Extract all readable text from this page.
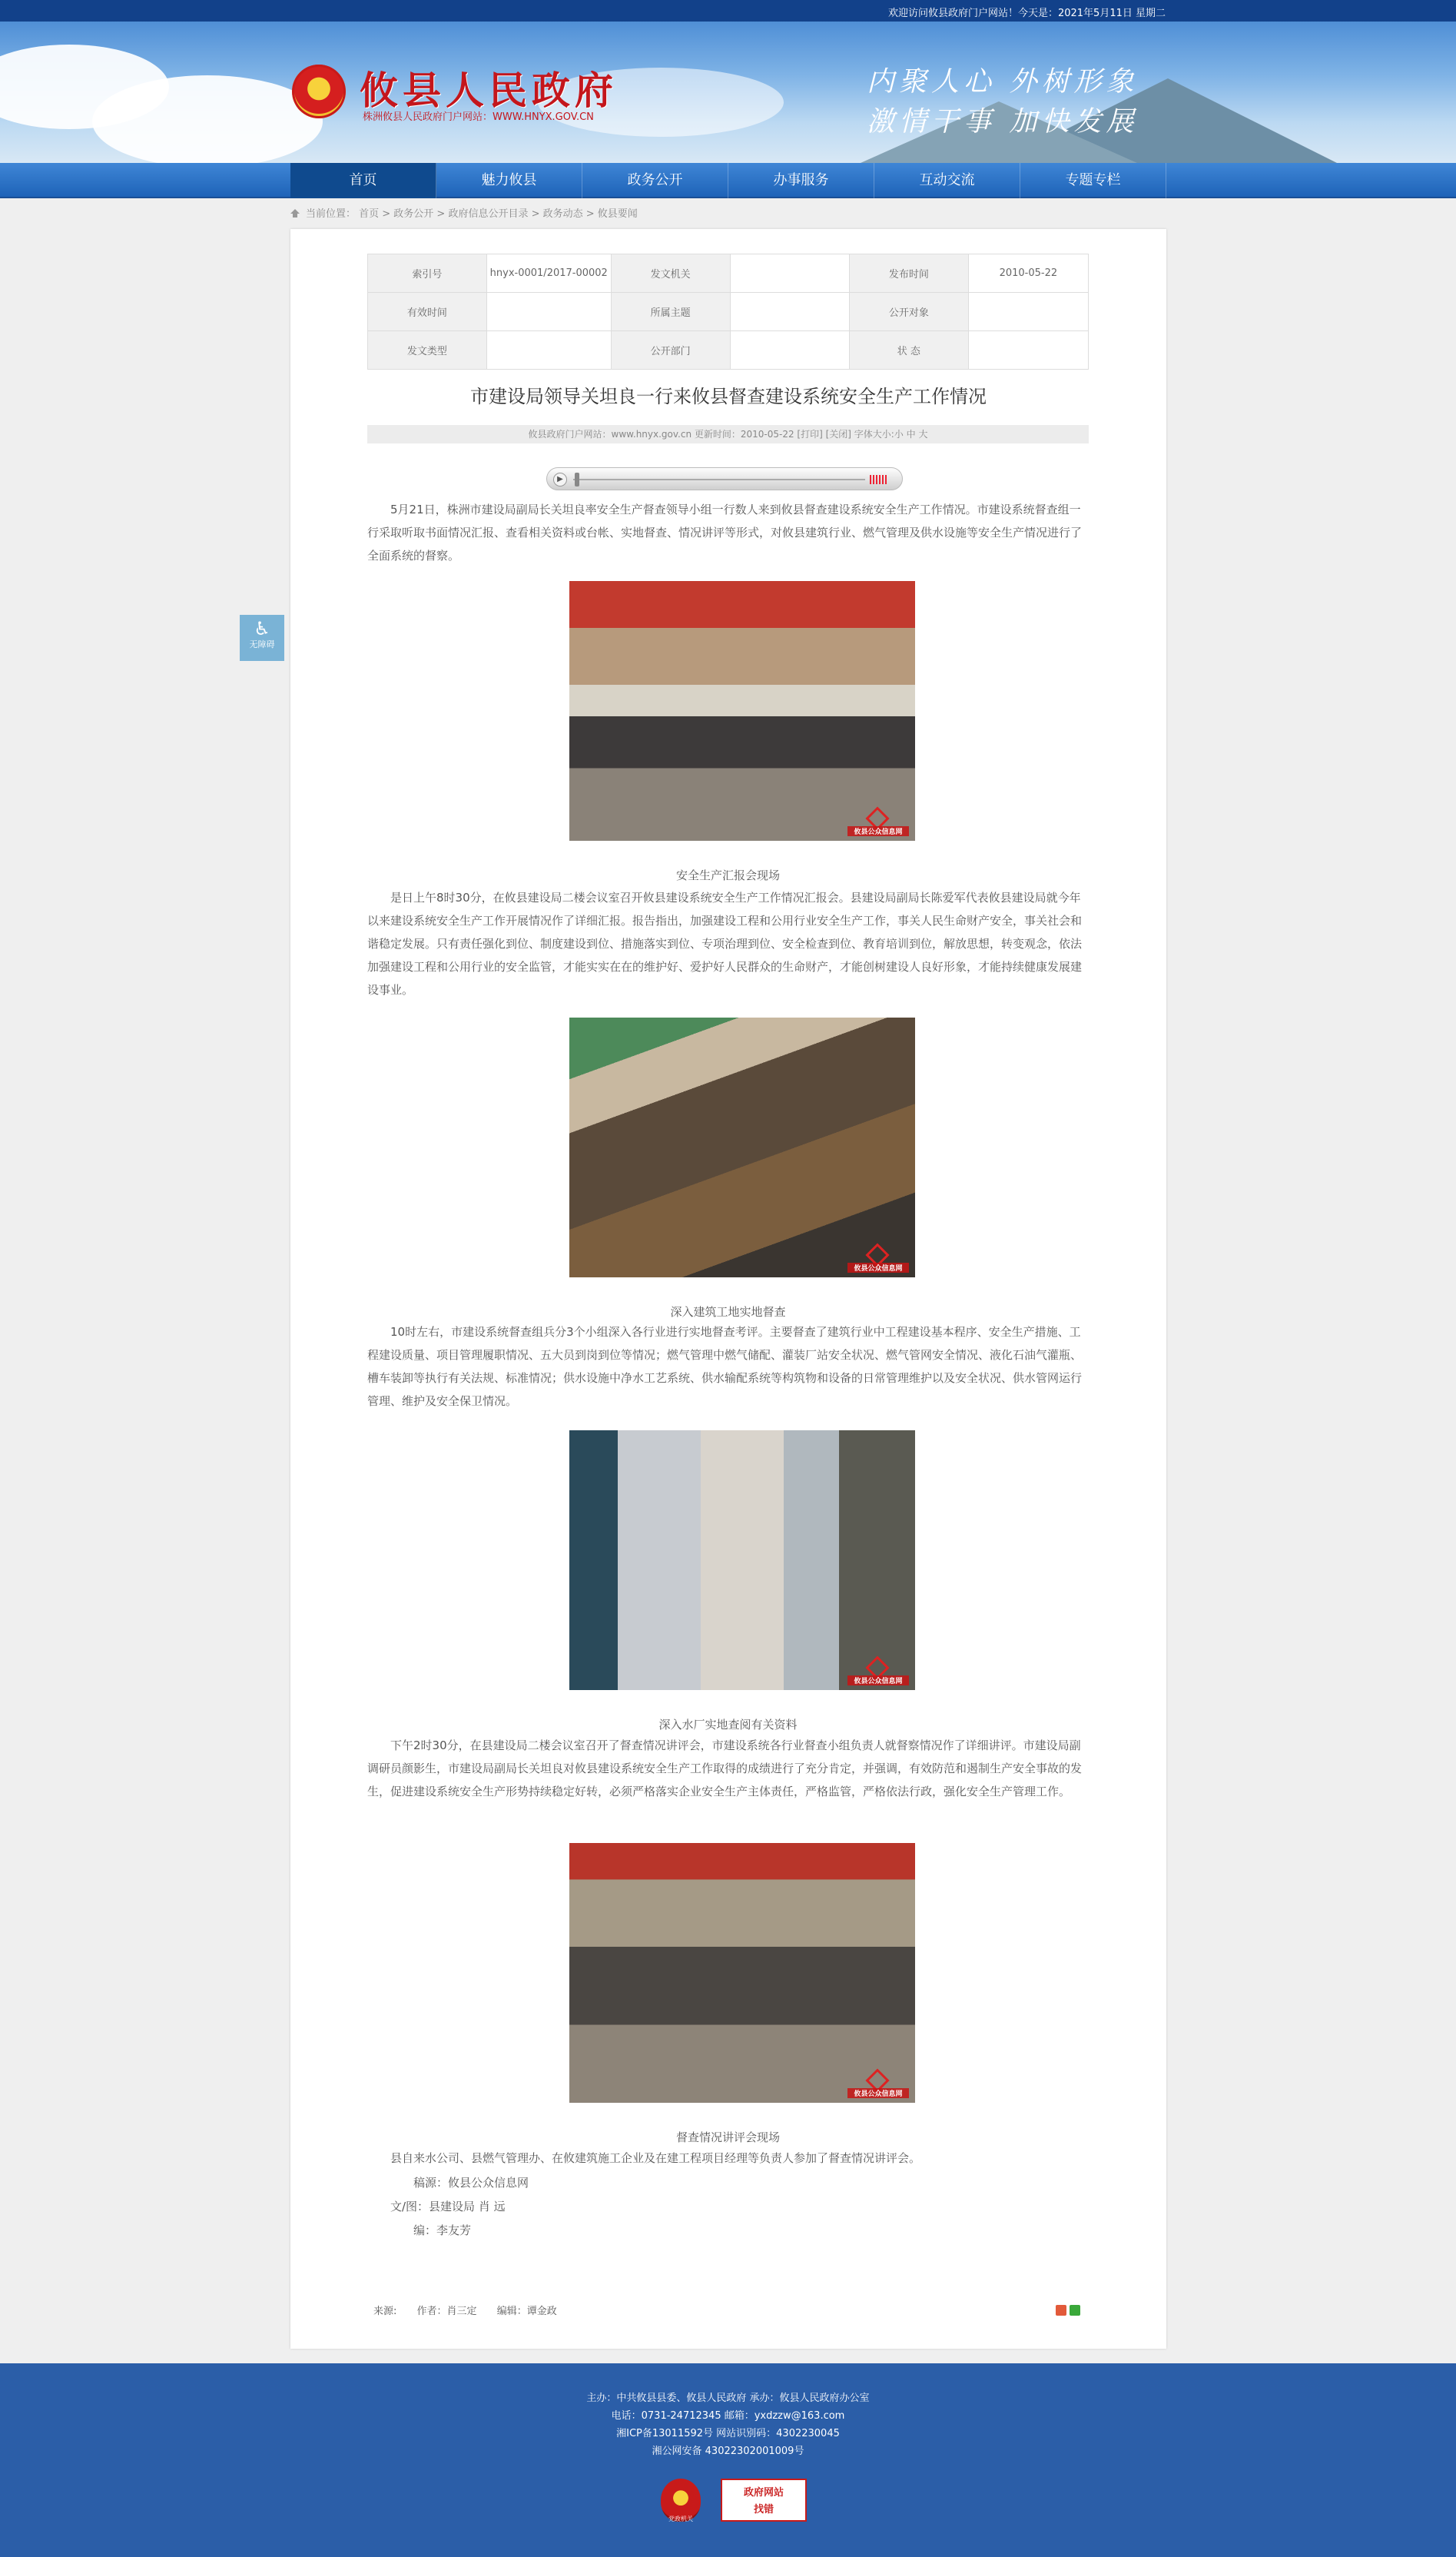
欢迎访问攸县政府门户网站！今天是：2021年5月11日 星期二
攸县人民政府
株洲攸县人民政府门户网站：WWW.HNYX.GOV.CN
内聚人心 外树形象
激情干事 加快发展
首页	魅力攸县	政务公开	办事服务	互动交流	专题专栏
当前位置： 首页 > 政务公开 > 政府信息公开目录 > 政务动态 > 攸县要闻
♿ 无障碍
索引号	hnyx-0001/2017-00002	发文机关		发布时间	2010-05-22
有效时间		所属主题		公开对象	
发文类型		公开部门		状 态	
市建设局领导关坦良一行来攸县督查建设系统安全生产工作情况
攸县政府门户网站：www.hnyx.gov.cn 更新时间：2010-05-22 [打印] [关闭] 字体大小:小 中 大
▶
5月21日，株洲市建设局副局长关坦良率安全生产督查领导小组一行数人来到攸县督查建设系统安全生产工作情况。市建设系统督查组一行采取听取书面情况汇报、查看相关资料或台帐、实地督查、情况讲评等形式，对攸县建筑行业、燃气管理及供水设施等安全生产情况进行了全面系统的督察。
攸县公众信息网
安全生产汇报会现场
是日上午8时30分，在攸县建设局二楼会议室召开攸县建设系统安全生产工作情况汇报会。县建设局副局长陈爱军代表攸县建设局就今年以来建设系统安全生产工作开展情况作了详细汇报。报告指出，加强建设工程和公用行业安全生产工作，事关人民生命财产安全，事关社会和谐稳定发展。只有责任强化到位、制度建设到位、措施落实到位、专项治理到位、安全检查到位、教育培训到位，解放思想，转变观念，依法加强建设工程和公用行业的安全监管，才能实实在在的维护好、爱护好人民群众的生命财产，才能创树建设人良好形象，才能持续健康发展建设事业。
攸县公众信息网
深入建筑工地实地督查
10时左右，市建设系统督查组兵分3个小组深入各行业进行实地督查考评。主要督查了建筑行业中工程建设基本程序、安全生产措施、工程建设质量、项目管理履职情况、五大员到岗到位等情况；燃气管理中燃气储配、灌装厂站安全状况、燃气管网安全情况、液化石油气灌瓶、槽车装卸等执行有关法规、标准情况；供水设施中净水工艺系统、供水输配系统等构筑物和设备的日常管理维护以及安全状况、供水管网运行管理、维护及安全保卫情况。
攸县公众信息网
深入水厂实地查阅有关资料
下午2时30分，在县建设局二楼会议室召开了督查情况讲评会，市建设系统各行业督查小组负责人就督察情况作了详细讲评。市建设局副调研员颜影生，市建设局副局长关坦良对攸县建设系统安全生产工作取得的成绩进行了充分肯定，并强调，有效防范和遏制生产安全事故的发生，促进建设系统安全生产形势持续稳定好转，必须严格落实企业安全生产主体责任，严格监管，严格依法行政，强化安全生产管理工作。
攸县公众信息网
督查情况讲评会现场
县自来水公司、县燃气管理办、在攸建筑施工企业及在建工程项目经理等负责人参加了督查情况讲评会。
稿源：攸县公众信息网
文/图：县建设局 肖 远
编：李友芳
来源: 作者：肖三定 编辑：谭金政
主办：中共攸县县委、攸县人民政府 承办：攸县人民政府办公室
电话：0731-24712345 邮箱：yxdzzw@163.com
湘ICP备13011592号 网站识别码：4302230045
湘公网安备 43022302001009号
党政机关
政府网站
找错
